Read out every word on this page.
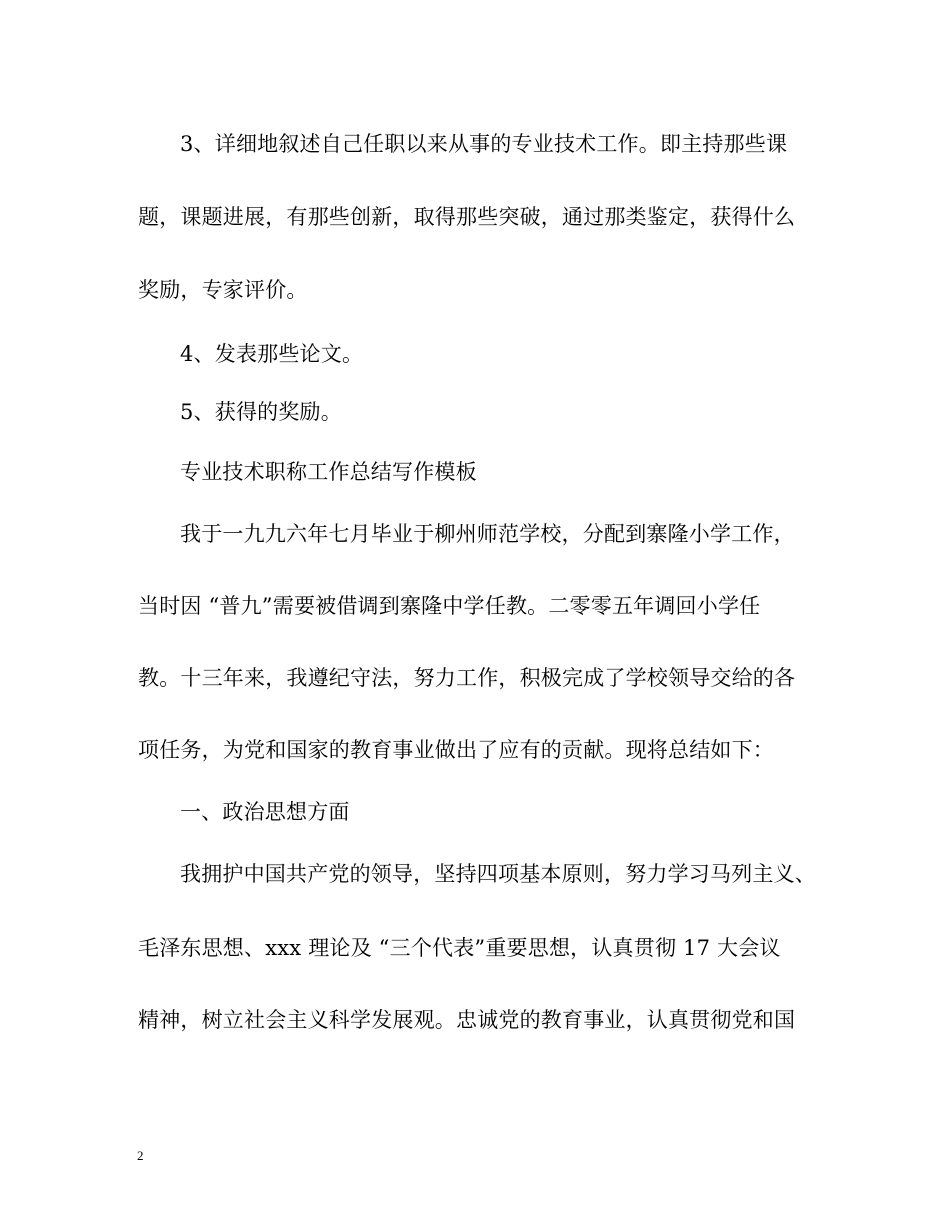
3、详细地叙述自己任职以来从事的专业技术工作。即主持那些课
题，课题进展，有那些创新，取得那些突破，通过那类鉴定，获得什么
奖励，专家评价。
4、发表那些论文。
5、获得的奖励。
专业技术职称工作总结写作模板
我于一九九六年七月毕业于柳州师范学校，分配到寨隆小学工作，
当时因 “普九”需要被借调到寨隆中学任教。二零零五年调回小学任
教。十三年来，我遵纪守法，努力工作，积极完成了学校领导交给的各
项任务，为党和国家的教育事业做出了应有的贡献。现将总结如下：
一、政治思想方面
我拥护中国共产党的领导，坚持四项基本原则，努力学习马列主义、
毛泽东思想、xxx 理论及 “三个代表”重要思想，认真贯彻 17 大会议
精神，树立社会主义科学发展观。忠诚党的教育事业，认真贯彻党和国
2
